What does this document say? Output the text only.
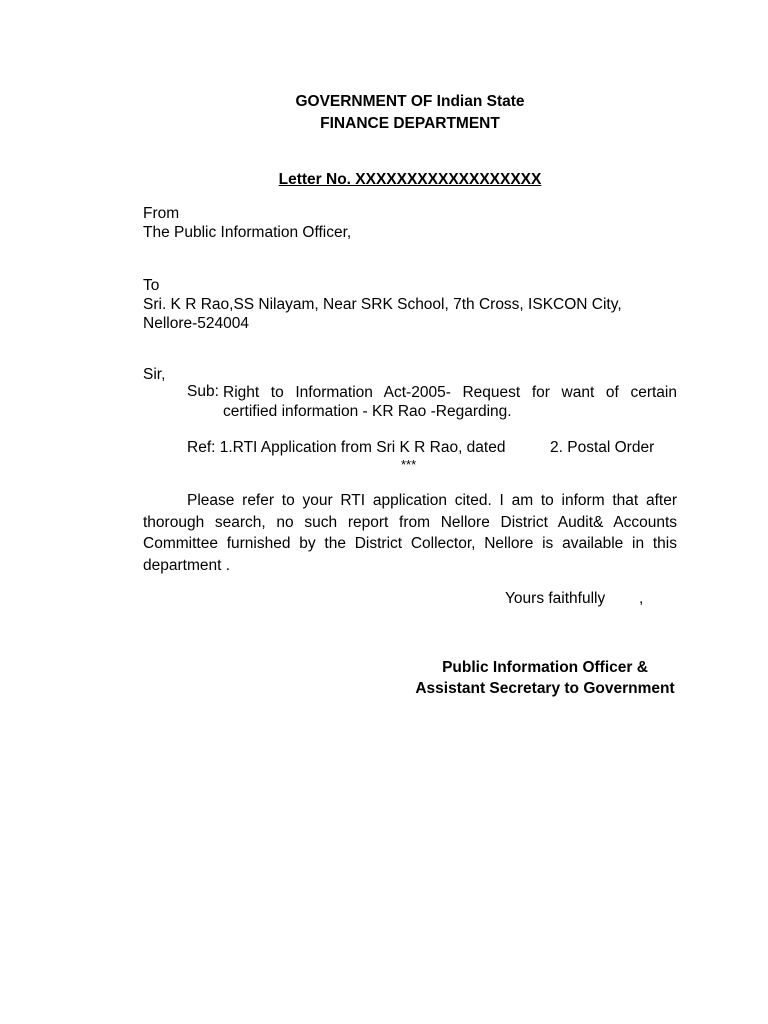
GOVERNMENT OF Indian State
FINANCE DEPARTMENT
Letter No. XXXXXXXXXXXXXXXXXX
From
The Public Information Officer,
To
Sri. K R Rao,SS Nilayam, Near SRK School, 7th Cross, ISKCON City,
Nellore-524004
Sir,
Sub: Right to Information Act-2005- Request for want of certain certified information - KR Rao -Regarding.
Ref: 1.RTI Application from Sri K R Rao, dated	2. Postal Order
***
Please refer to your RTI application cited. I am to inform that after thorough search, no such report from Nellore District Audit& Accounts Committee furnished by the District Collector, Nellore is available in this department .
Yours faithfully ,
Public Information Officer &
Assistant Secretary to Government
